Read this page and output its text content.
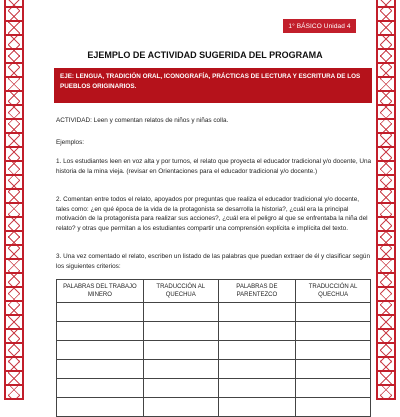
1° BÁSICO Unidad 4
EJEMPLO DE ACTIVIDAD SUGERIDA DEL PROGRAMA
EJE: LENGUA, TRADICIÓN ORAL, ICONOGRAFÍA, PRÁCTICAS DE LECTURA Y ESCRITURA DE LOS PUEBLOS ORIGINARIOS.

ACTIVIDAD: Leen y comentan relatos de niños y niñas colla.

Ejemplos:

1. Los estudiantes leen en voz alta y por turnos, el relato que proyecta el educador tradicional y/o docente, Una historia de la mina vieja. (revisar en Orientaciones para el educador tradicional y/o docente.)

2. Comentan entre todos el relato, apoyados por preguntas que realiza el educador tradicional y/o docente, tales como: ¿en qué época de la vida de la protagonista se desarrolla la historia?, ¿cuál era la principal motivación de la protagonista para realizar sus acciones?, ¿cuál era el peligro al que se enfrentaba la niña del relato? y otras que permitan a los estudiantes compartir una comprensión explícita e implícita del texto.

3. Una vez comentado el relato, escriben un listado de las palabras que puedan extraer de él y clasificar según los siguientes criterios:

PALABRAS DEL TRABAJO MINERO	TRADUCCIÓN AL QUECHUA	PALABRAS DE PARENTEZCO	TRADUCCIÓN AL QUECHUA
